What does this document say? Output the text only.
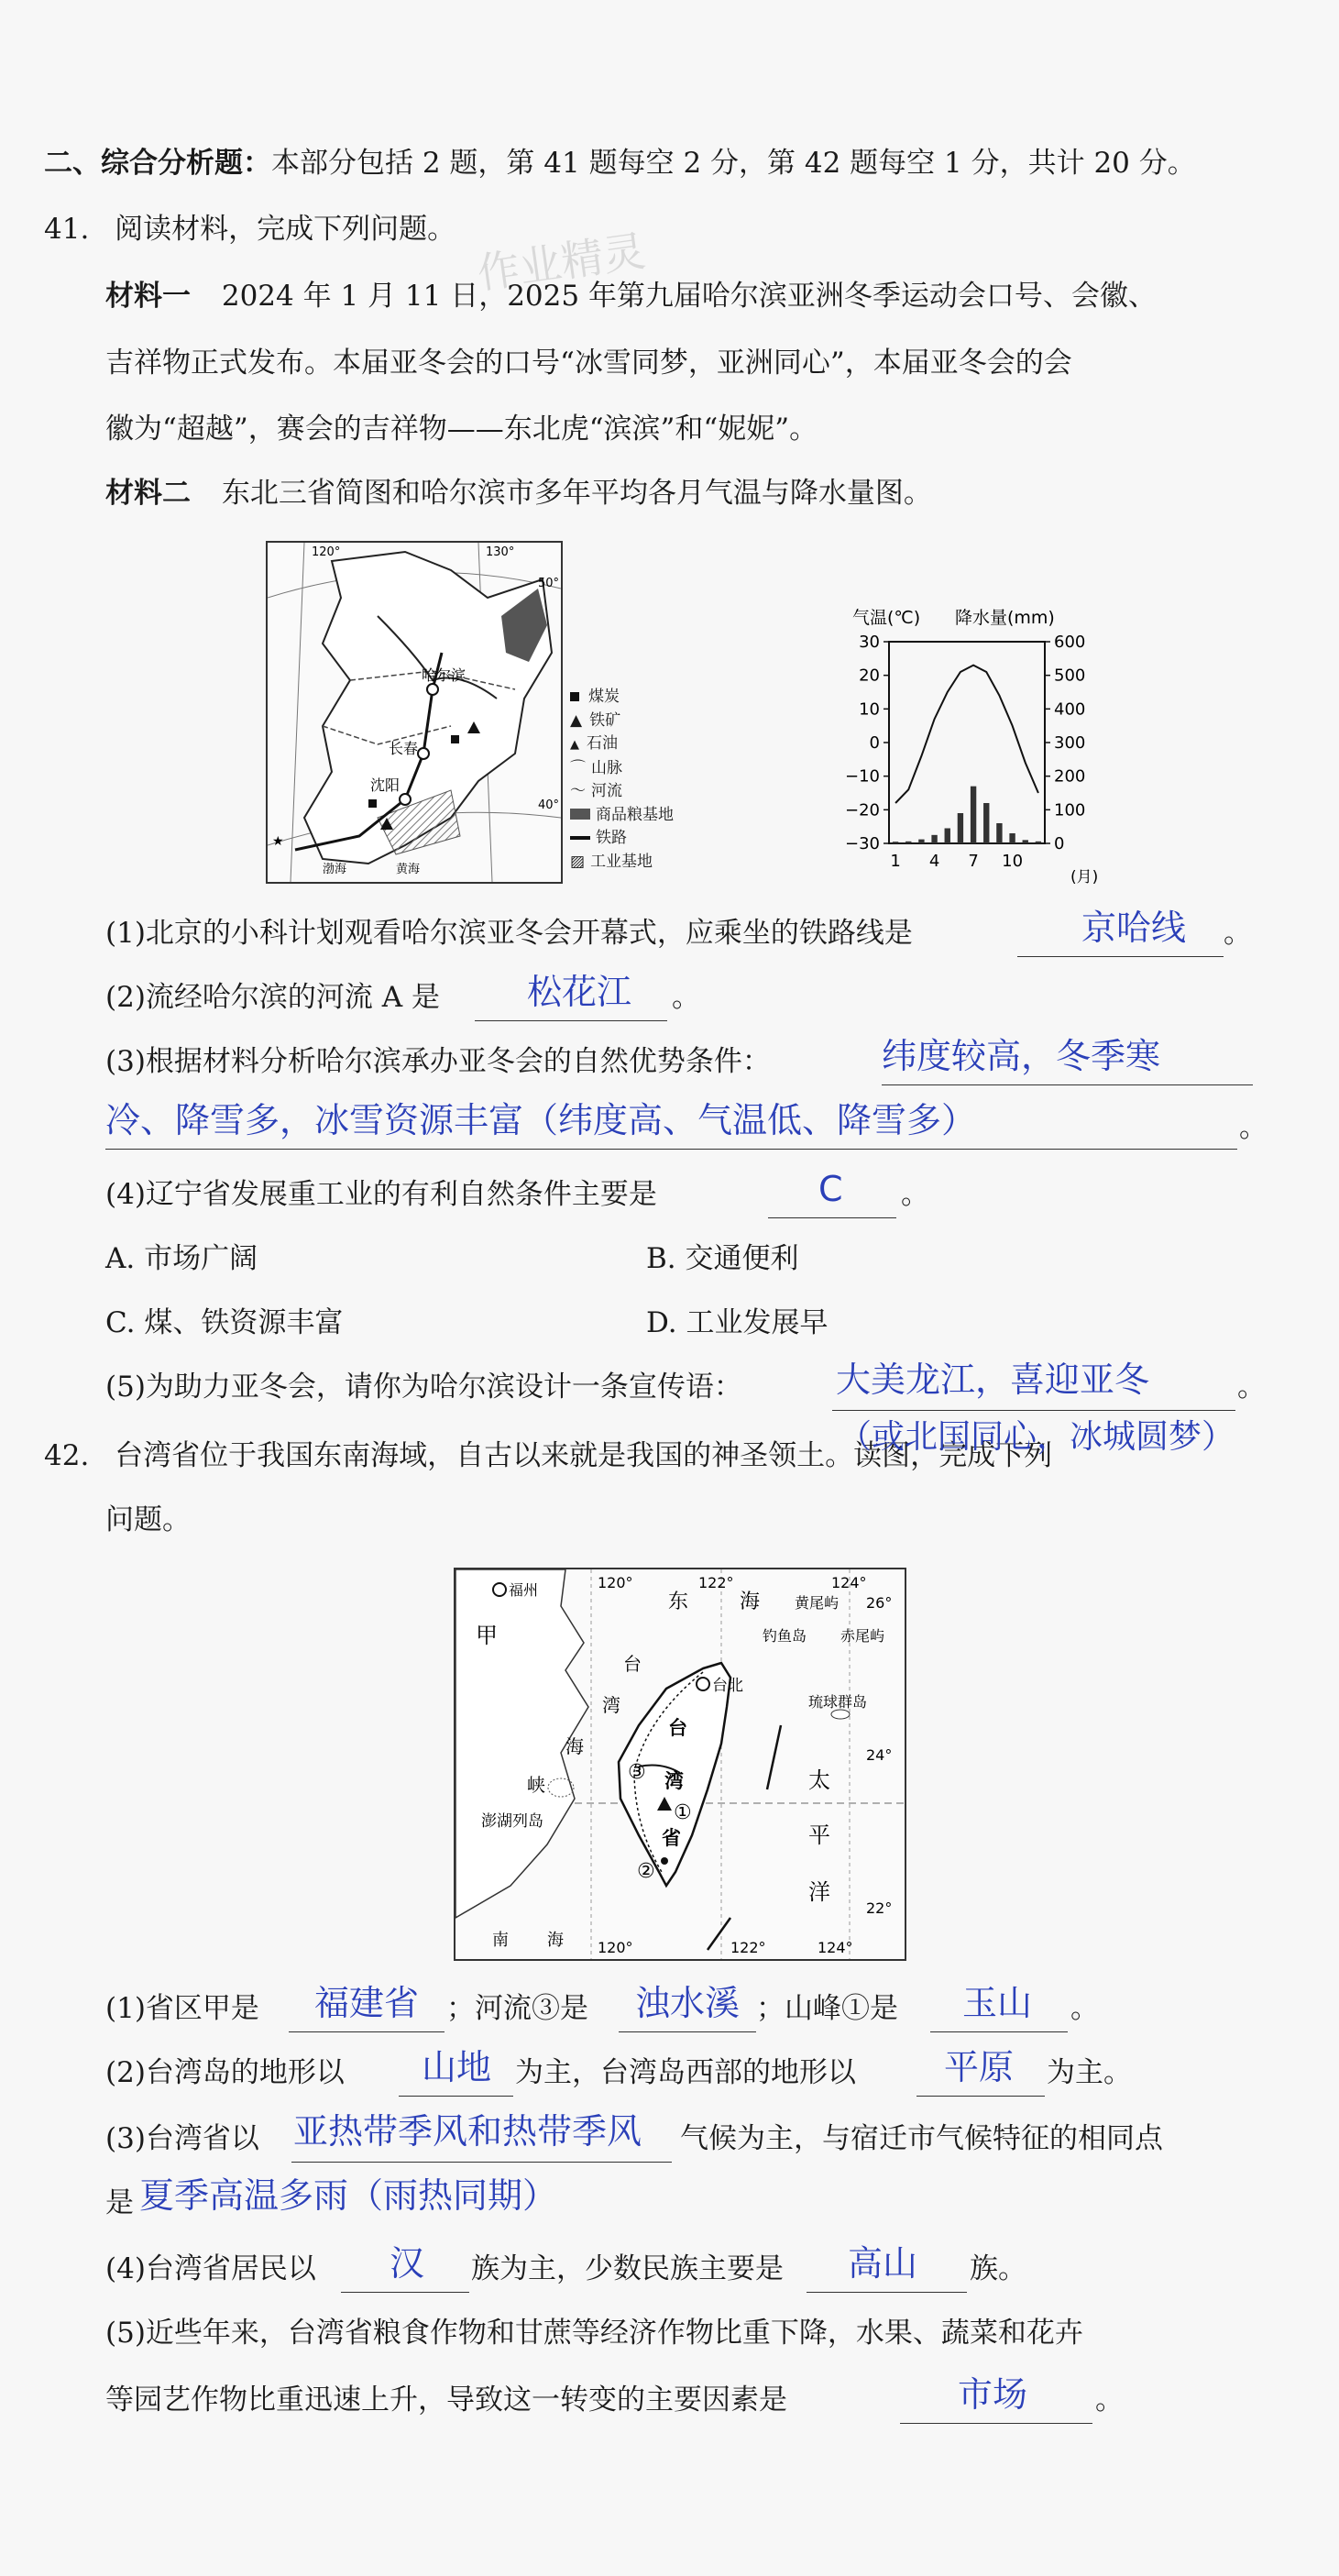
作业精灵
二、综合分析题：本部分包括 2 题，第 41 题每空 2 分，第 42 题每空 1 分，共计 20 分。
41. 阅读材料，完成下列问题。
材料一 2024 年 1 月 11 日，2025 年第九届哈尔滨亚洲冬季运动会口号、会徽、
吉祥物正式发布。本届亚冬会的口号“冰雪同梦，亚洲同心”，本届亚冬会的会
徽为“超越”，赛会的吉祥物——东北虎“滨滨”和“妮妮”。
材料二 东北三省简图和哈尔滨市多年平均各月气温与降水量图。
★
120°	130°
50°
40°
哈尔滨
长春
沈阳
渤海	黄海
煤炭
▲ 铁矿
▲ 石油
⌒ 山脉
〜 河流
商品粮基地
铁路
▨ 工业基地
气温(℃) 降水量(mm)
30
20
10
0
−10
−20
−30
600
500
400
300
200
100
0
1 4 7 10
(月)
(1)北京的小科计划观看哈尔滨亚冬会开幕式，应乘坐的铁路线是	京哈线 。
(2)流经哈尔滨的河流 A 是 松花江 。
(3)根据材料分析哈尔滨承办亚冬会的自然优势条件：	纬度较高，冬季寒
冷、降雪多，冰雪资源丰富（纬度高、气温低、降雪多）	。
(4)辽宁省发展重工业的有利自然条件主要是	C 。
A. 市场广阔	B. 交通便利
C. 煤、铁资源丰富	D. 工业发展早
(5)为助力亚冬会，请你为哈尔滨设计一条宣传语：	大美龙江，喜迎亚冬	。
42. 台湾省位于我国东南海域，自古以来就是我国的神圣领土。读图，完成下列
（或北国同心，冰城圆梦）
问题。
福州	120°	122°	124°
26°
24°
22°
120°	122°	124°
甲
东	海 黄尾屿
钓鱼岛 赤尾屿
台北
台
湾
海
峡
琉球群岛
台
湾
省
太
平
洋
澎湖列岛
南 海
①
②
③
(1)省区甲是 福建省 ；河流③是 浊水溪 ；山峰①是 玉山 。
(2)台湾岛的地形以 山地 为主，台湾岛西部的地形以	平原 为主。
(3)台湾省以 亚热带季风和热带季风 气候为主，与宿迁市气候特征的相同点
是 夏季高温多雨（雨热同期）
(4)台湾省居民以 汉 族为主，少数民族主要是 高山 族。
(5)近些年来，台湾省粮食作物和甘蔗等经济作物比重下降，水果、蔬菜和花卉
等园艺作物比重迅速上升，导致这一转变的主要因素是	市场 。
